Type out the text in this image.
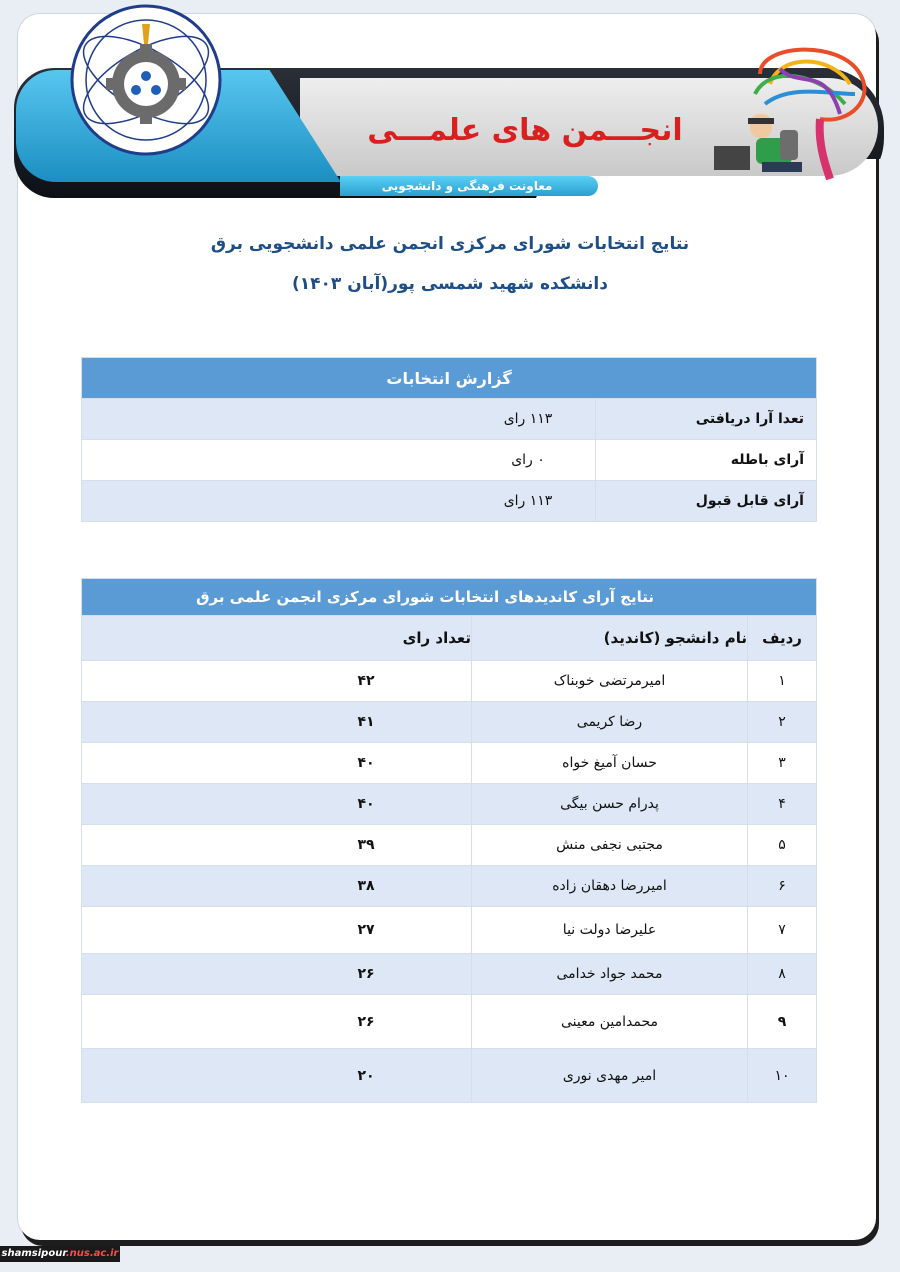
معاونت فرهنگی و دانشجویی
انجـــمن های علمـــی
نتایج انتخابات شورای مرکزی انجمن علمی دانشجویی برق
دانشکده شهید شمسی پور(آبان ۱۴۰۳)
گزارش انتخابات	
تعدا آرا دریافتی	۱۱۳ رای
آرای باطله	۰ رای
آرای قابل قبول	۱۱۳ رای
نتایج آرای کاندیدهای انتخابات شورای مرکزی انجمن علمی برق		
ردیف	نام دانشجو (کاندید)	تعداد رای
۱	امیرمرتضی خوبناک	۴۲
۲	رضا کریمی	۴۱
۳	حسان آمیغ خواه	۴۰
۴	پدرام حسن بیگی	۴۰
۵	مجتبی نجفی منش	۳۹
۶	امیررضا دهقان زاده	۳۸
۷	علیرضا دولت نیا	۲۷
۸	محمد جواد خدامی	۲۶
۹	محمدامین معینی	۲۶
۱۰	امیر مهدی نوری	۲۰
shamsipour.nus.ac.ir
